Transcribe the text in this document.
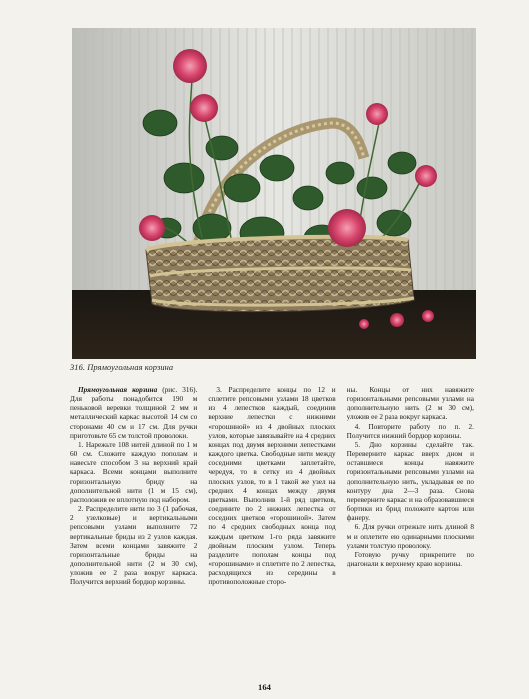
316. Прямоугольная корзина

Прямоугольная корзина (рис. 316). Для работы понадобится 190 м пеньковой веревки толщиной 2 мм и металлический каркас высотой 14 см со сторонами 40 см и 17 см. Для ручки приготовьте 65 см толстой проволоки.

1. Нарежьте 108 нитей длиной по 1 м 60 см. Сложите каждую пополам и навесьте способом 3 на верхний край каркаса. Всеми концами выполните горизонтальную бриду на дополнительной нити (1 м 15 см), расположив ее вплотную под набором.

2. Распределите нити по 3 (1 рабочая, 2 узелковые) и вертикальными репсовыми узлами выполните 72 вертикальные бриды из 2 узлов каждая. Затем всеми концами завяжите 2 горизонтальные бриды на дополнительной нити (2 м 30 см), уложив ее 2 раза вокруг каркаса. Получится верхний бордюр корзины.

3. Распределите концы по 12 и сплетите репсовыми узлами 18 цветков из 4 лепестков каждый, соединив верхние лепестки с нижними «горошиной» из 4 двойных плоских узлов, которые завязывайте на 4 средних концах под двумя верхними лепестками каждого цветка. Свободные нити между соседними цветками заплетайте, чередуя, то в сетку из 4 двойных плоских узлов, то в 1 такой же узел на средних 4 концах между двумя цветками. Выполнив 1-й ряд цветков, соедините по 2 нижних лепестка от соседних цветков «горошиной». Затем по 4 средних свободных конца под каждым цветком 1-го ряда завяжите двойным плоским узлом. Теперь разделите пополам концы под «горошинами» и сплетите по 2 лепестка, расходящихся из середины в противоположные сторо-

ны. Концы от них навяжите горизонтальными репсовыми узлами на дополнительную нить (2 м 30 см), уложив ее 2 раза вокруг каркаса.

4. Повторите работу по п. 2. Получится нижний бордюр корзины.

5. Дно корзины сделайте так. Переверните каркас вверх дном и оставшиеся концы навяжите горизонтальными репсовыми узлами на дополнительную нить, укладывая ее по контуру дна 2—3 раза. Снова переверните каркас и на образовавшиеся бортики из брид положите картон или фанеру.

6. Для ручки отрежьте нить длиной 8 м и оплетите ею одинарными плоскими узлами толстую проволоку.

Готовую ручку прикрепите по диагонали к верхнему краю корзины.

164
